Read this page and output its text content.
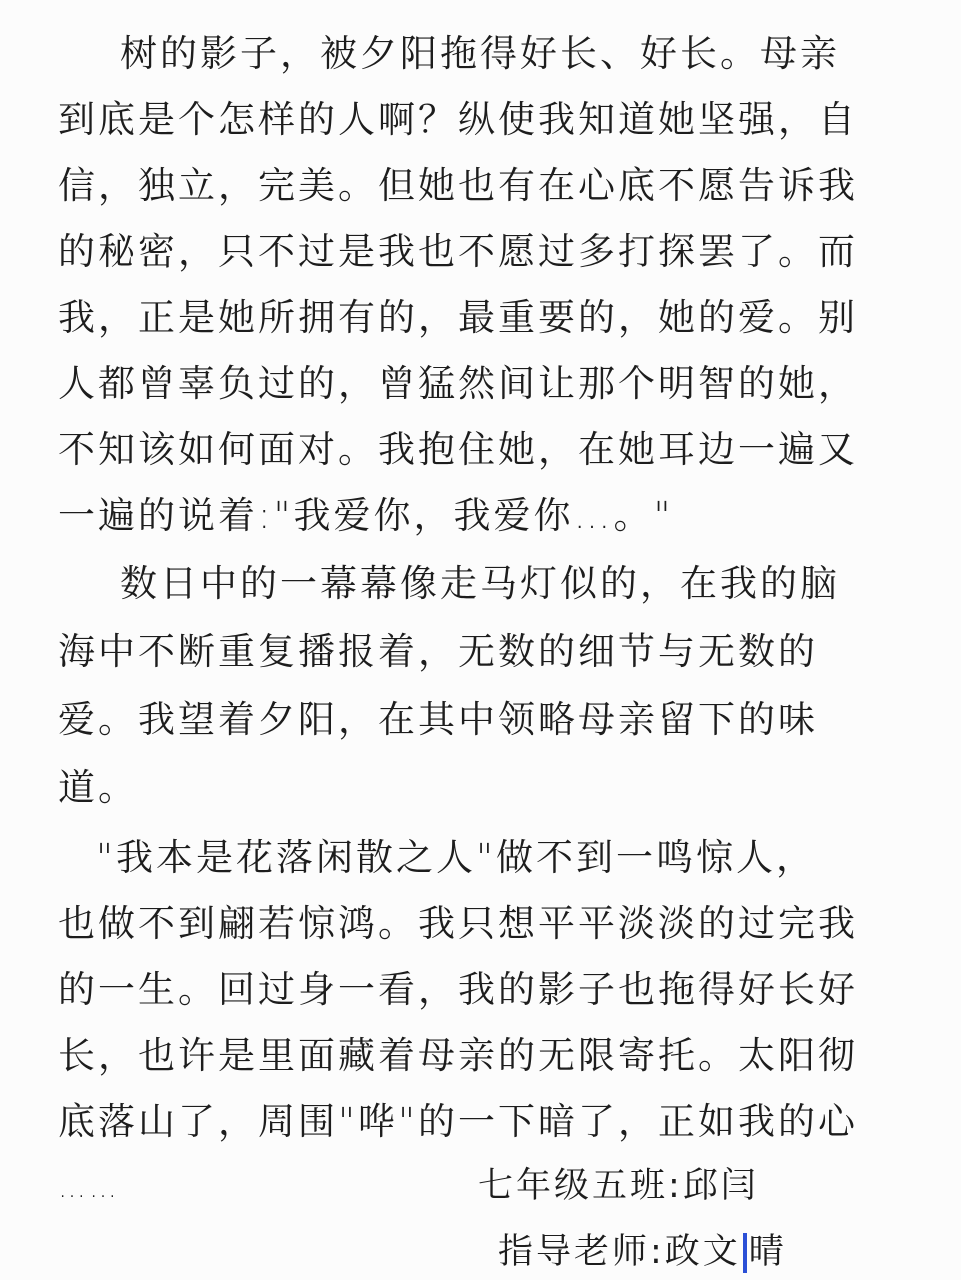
树的影子，被夕阳拖得好长、好长。母亲
到底是个怎样的人啊？纵使我知道她坚强，自
信，独立，完美。但她也有在心底不愿告诉我
的秘密，只不过是我也不愿过多打探罢了。而
我，正是她所拥有的，最重要的，她的爱。别
人都曾辜负过的，曾猛然间让那个明智的她，
不知该如何面对。我抱住她，在她耳边一遍又
一遍的说着:"我爱你，我爱你…。"
数日中的一幕幕像走马灯似的，在我的脑
海中不断重复播报着，无数的细节与无数的
爱。我望着夕阳，在其中领略母亲留下的味
道。
"我本是花落闲散之人"做不到一鸣惊人，
也做不到翩若惊鸿。我只想平平淡淡的过完我
的一生。回过身一看，我的影子也拖得好长好
长，也许是里面藏着母亲的无限寄托。太阳彻
底落山了，周围"哗"的一下暗了，正如我的心
……	七年级五班:邱闫
指导老师:政文 晴
